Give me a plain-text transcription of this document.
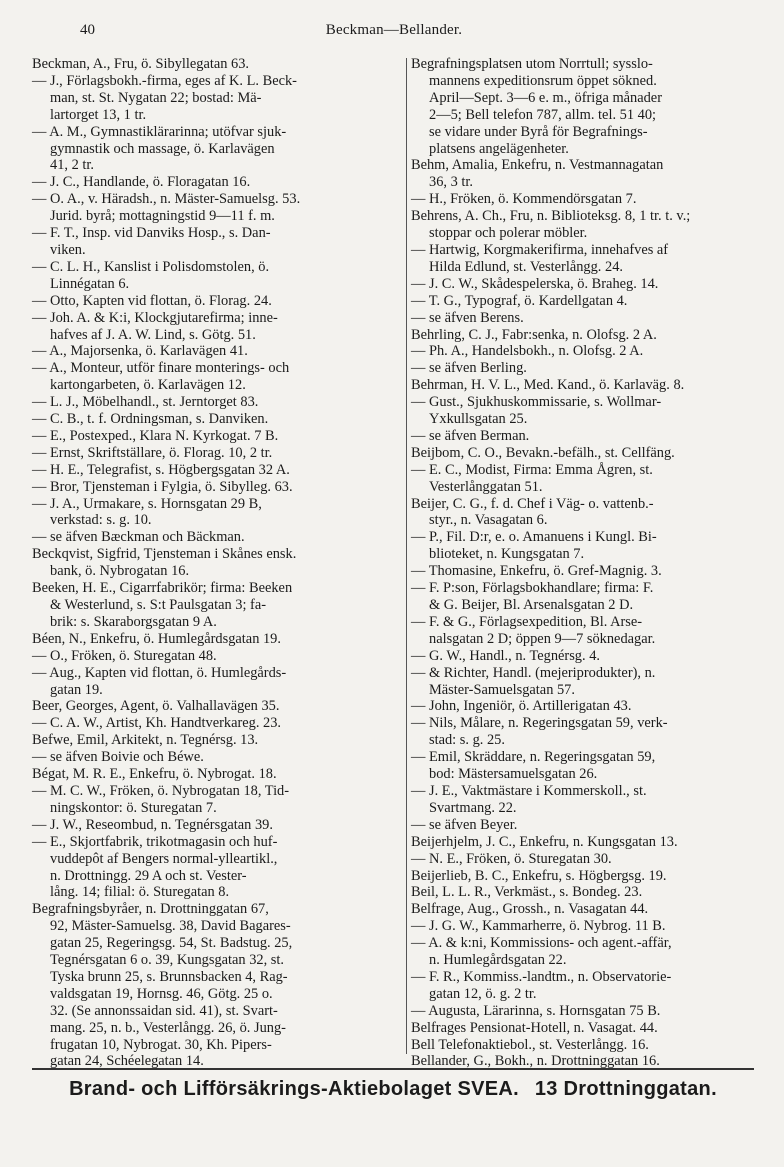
40	Beckman—Bellander.
Beckman, A., Fru, ö. Sibyllegatan 63.
— J., Förlagsbokh.-firma, eges af K. L. Beck-
man, st. St. Nygatan 22; bostad: Mä-
lartorget 13, 1 tr.
— A. M., Gymnastiklärarinna; utöfvar sjuk-
gymnastik och massage, ö. Karlavägen
41, 2 tr.
— J. C., Handlande, ö. Floragatan 16.
— O. A., v. Häradsh., n. Mäster-Samuelsg. 53.
Jurid. byrå; mottagningstid 9—11 f. m.
— F. T., Insp. vid Danviks Hosp., s. Dan-
viken.
— C. L. H., Kanslist i Polisdomstolen, ö.
Linnégatan 6.
— Otto, Kapten vid flottan, ö. Florag. 24.
— Joh. A. & K:i, Klockgjutarefirma; inne-
hafves af J. A. W. Lind, s. Götg. 51.
— A., Majorsenka, ö. Karlavägen 41.
— A., Monteur, utför finare monterings- och
kartongarbeten, ö. Karlavägen 12.
— L. J., Möbelhandl., st. Jerntorget 83.
— C. B., t. f. Ordningsman, s. Danviken.
— E., Postexped., Klara N. Kyrkogat. 7 B.
— Ernst, Skriftställare, ö. Florag. 10, 2 tr.
— H. E., Telegrafist, s. Högbergsgatan 32 A.
— Bror, Tjensteman i Fylgia, ö. Sibylleg. 63.
— J. A., Urmakare, s. Hornsgatan 29 B,
verkstad: s. g. 10.
— se äfven Bæckman och Bäckman.
Beckqvist, Sigfrid, Tjensteman i Skånes ensk.
bank, ö. Nybrogatan 16.
Beeken, H. E., Cigarrfabrikör; firma: Beeken
& Westerlund, s. S:t Paulsgatan 3; fa-
brik: s. Skaraborgsgatan 9 A.
Béen, N., Enkefru, ö. Humlegårdsgatan 19.
— O., Fröken, ö. Sturegatan 48.
— Aug., Kapten vid flottan, ö. Humlegårds-
gatan 19.
Beer, Georges, Agent, ö. Valhallavägen 35.
— C. A. W., Artist, Kh. Handtverkareg. 23.
Befwe, Emil, Arkitekt, n. Tegnérsg. 13.
— se äfven Boivie och Béwe.
Bégat, M. R. E., Enkefru, ö. Nybrogat. 18.
— M. C. W., Fröken, ö. Nybrogatan 18, Tid-
ningskontor: ö. Sturegatan 7.
— J. W., Reseombud, n. Tegnérsgatan 39.
— E., Skjortfabrik, trikotmagasin och huf-
vuddepôt af Bengers normal-ylleartikl.,
n. Drottningg. 29 A och st. Vester-
lång. 14; filial: ö. Sturegatan 8.
Begrafningsbyråer, n. Drottninggatan 67,
92, Mäster-Samuelsg. 38, David Bagares-
gatan 25, Regeringsg. 54, St. Badstug. 25,
Tegnérsgatan 6 o. 39, Kungsgatan 32, st.
Tyska brunn 25, s. Brunnsbacken 4, Rag-
valdsgatan 19, Hornsg. 46, Götg. 25 o.
32. (Se annonssaidan sid. 41), st. Svart-
mang. 25, n. b., Vesterlångg. 26, ö. Jung-
frugatan 10, Nybrogat. 30, Kh. Pipers-
gatan 24, Schéelegatan 14.
Begrafningsplatsen utom Norrtull; sysslo-
mannens expeditionsrum öppet sökned.
April—Sept. 3—6 e. m., öfriga månader
2—5; Bell telefon 787, allm. tel. 51 40;
se vidare under Byrå för Begrafnings-
platsens angelägenheter.
Behm, Amalia, Enkefru, n. Vestmannagatan
36, 3 tr.
— H., Fröken, ö. Kommendörsgatan 7.
Behrens, A. Ch., Fru, n. Biblioteksg. 8, 1 tr. t. v.;
stoppar och polerar möbler.
— Hartwig, Korgmakerifirma, innehafves af
Hilda Edlund, st. Vesterlångg. 24.
— J. C. W., Skådespelerska, ö. Braheg. 14.
— T. G., Typograf, ö. Kardellgatan 4.
— se äfven Berens.
Behrling, C. J., Fabr:senka, n. Olofsg. 2 A.
— Ph. A., Handelsbokh., n. Olofsg. 2 A.
— se äfven Berling.
Behrman, H. V. L., Med. Kand., ö. Karlaväg. 8.
— Gust., Sjukhuskommissarie, s. Wollmar-
Yxkullsgatan 25.
— se äfven Berman.
Beijbom, C. O., Bevakn.-befälh., st. Cellfäng.
— E. C., Modist, Firma: Emma Ågren, st.
Vesterlånggatan 51.
Beijer, C. G., f. d. Chef i Väg- o. vattenb.-
styr., n. Vasagatan 6.
— P., Fil. D:r, e. o. Amanuens i Kungl. Bi-
blioteket, n. Kungsgatan 7.
— Thomasine, Enkefru, ö. Gref-Magnig. 3.
— F. P:son, Förlagsbokhandlare; firma: F.
& G. Beijer, Bl. Arsenalsgatan 2 D.
— F. & G., Förlagsexpedition, Bl. Arse-
nalsgatan 2 D; öppen 9—7 söknedagar.
— G. W., Handl., n. Tegnérsg. 4.
— & Richter, Handl. (mejeriprodukter), n.
Mäster-Samuelsgatan 57.
— John, Ingeniör, ö. Artillerigatan 43.
— Nils, Målare, n. Regeringsgatan 59, verk-
stad: s. g. 25.
— Emil, Skräddare, n. Regeringsgatan 59,
bod: Mästersamuelsgatan 26.
— J. E., Vaktmästare i Kommerskoll., st.
Svartmang. 22.
— se äfven Beyer.
Beijerhjelm, J. C., Enkefru, n. Kungsgatan 13.
— N. E., Fröken, ö. Sturegatan 30.
Beijerlieb, B. C., Enkefru, s. Högbergsg. 19.
Beil, L. L. R., Verkmäst., s. Bondeg. 23.
Belfrage, Aug., Grossh., n. Vasagatan 44.
— J. G. W., Kammarherre, ö. Nybrog. 11 B.
— A. & k:ni, Kommissions- och agent.-affär,
n. Humlegårdsgatan 22.
— F. R., Kommiss.-landtm., n. Observatorie-
gatan 12, ö. g. 2 tr.
— Augusta, Lärarinna, s. Hornsgatan 75 B.
Belfrages Pensionat-Hotell, n. Vasagat. 44.
Bell Telefonaktiebol., st. Vesterlångg. 16.
Bellander, G., Bokh., n. Drottninggatan 16.
Brand- och Lifförsäkrings-Aktiebolaget SVEA. 13 Drottninggatan.
